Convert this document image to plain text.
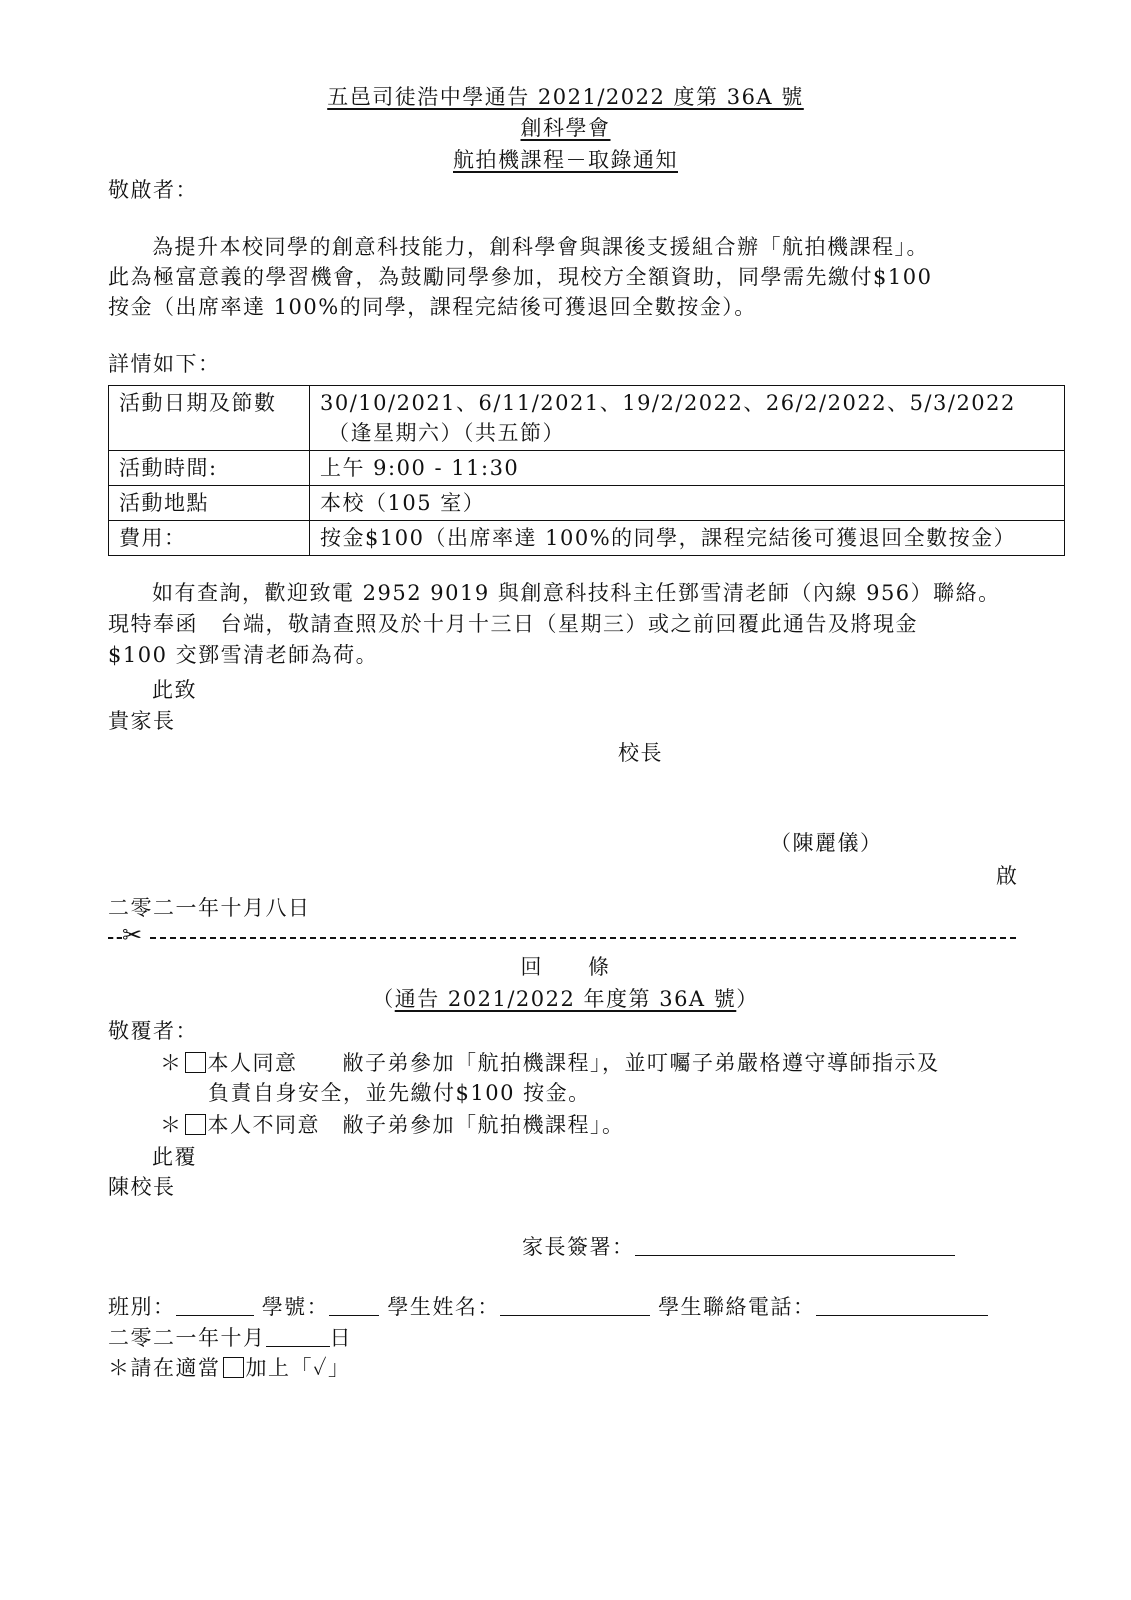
五邑司徒浩中學通告 2021/2022 度第 36A 號
創科學會
航拍機課程－取錄通知
敬啟者：
為提升本校同學的創意科技能力，創科學會與課後支援組合辦「航拍機課程」。
此為極富意義的學習機會，為鼓勵同學參加，現校方全額資助，同學需先繳付$100
按金（出席率達 100%的同學，課程完結後可獲退回全數按金）。
詳情如下：
活動日期及節數	30/10/2021、6/11/2021、19/2/2022、26/2/2022、5/3/2022
（逢星期六）（共五節）

活動時間:	上午 9:00 - 11:30
活動地點	本校（105 室）
費用：	按金$100（出席率達 100%的同學，課程完結後可獲退回全數按金）
如有查詢，歡迎致電 2952 9019 與創意科技科主任鄧雪清老師（內線 956）聯絡。
現特奉函　台端，敬請查照及於十月十三日（星期三）或之前回覆此通告及將現金
$100 交鄧雪清老師為荷。
此致
貴家長
校長
（陳麗儀）
啟
二零二一年十月八日
✂
回　　條
（通告 2021/2022 年度第 36A 號）
敬覆者：
＊ 本人同意　　敝子弟參加「航拍機課程」，並叮囑子弟嚴格遵守導師指示及
負責自身安全，並先繳付$100 按金。
＊ 本人不同意　敝子弟參加「航拍機課程」。
此覆
陳校長
家長簽署：
班別：	學號：	學生姓名：	學生聯絡電話：
二零二一年十月	日
＊請在適當 加上「✓」
